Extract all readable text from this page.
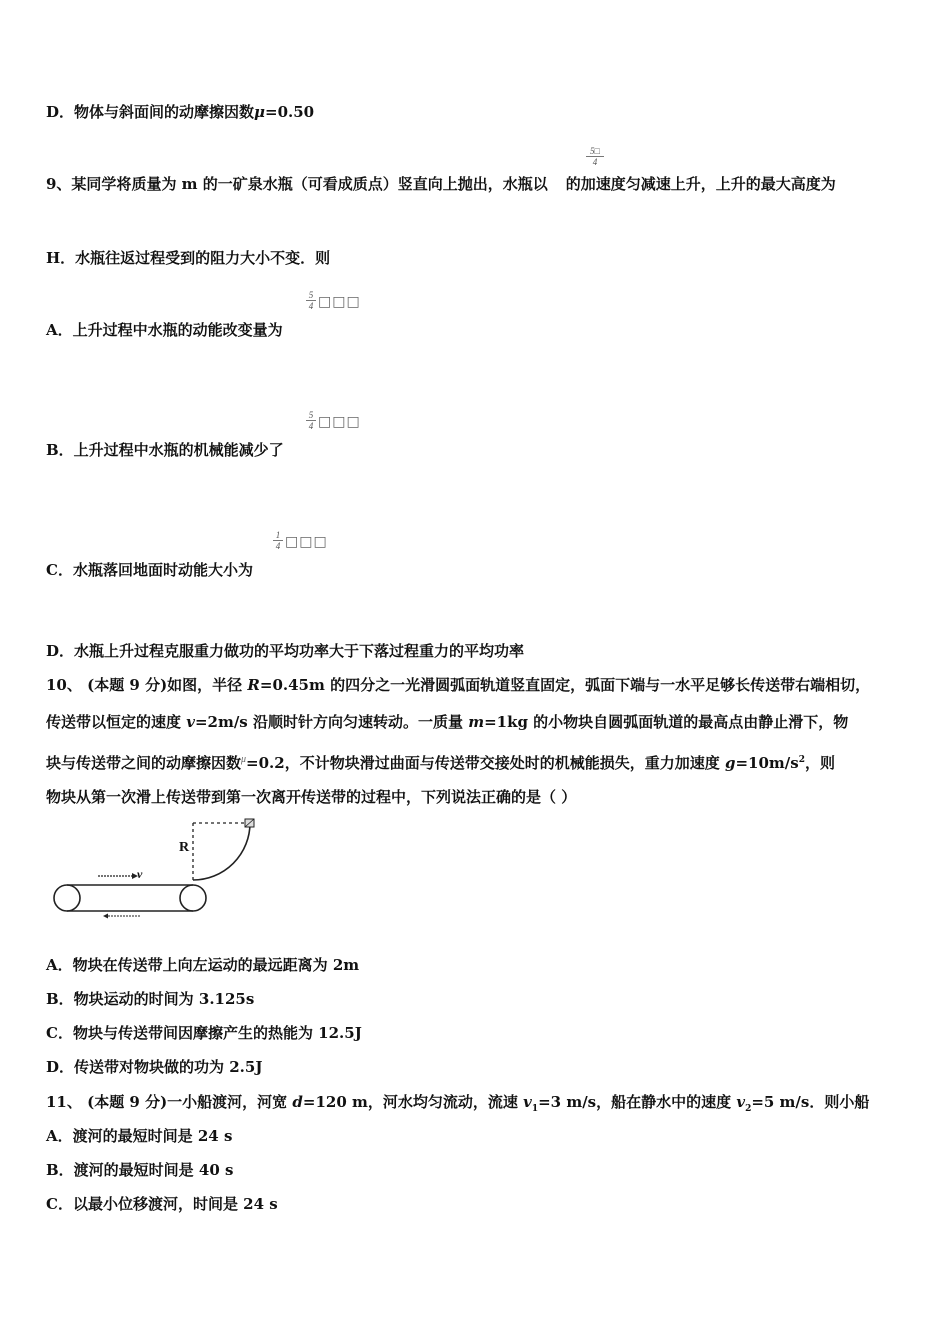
D．物体与斜面间的动摩擦因数μ=0.50
$\frac{5□}{4}$
9、某同学将质量为 m 的一矿泉水瓶（可看成质点）竖直向上抛出，水瓶以 的加速度匀减速上升，上升的最大高度为
H．水瓶往返过程受到的阻力大小不变．则
$\frac{5}{4}$ □□□
A．上升过程中水瓶的动能改变量为
$\frac{5}{4}$ □□□
B．上升过程中水瓶的机械能减少了
$\frac{1}{4}$ □□□
C．水瓶落回地面时动能大小为
D．水瓶上升过程克服重力做功的平均功率大于下落过程重力的平均功率
10、 (本题 9 分)如图，半径 R=0.45m 的四分之一光滑圆弧面轨道竖直固定，弧面下端与一水平足够长传送带右端相切，
传送带以恒定的速度 v=2m/s 沿顺时针方向匀速转动。一质量 m=1kg 的小物块自圆弧面轨道的最高点由静止滑下，物
块与传送带之间的动摩擦因数$^\mu$=0.2，不计物块滑过曲面与传送带交接处时的机械能损失，重力加速度 $g=10m/s^2$，则
物块从第一次滑上传送带到第一次离开传送带的过程中，下列说法正确的是（ ）
R
v
A．物块在传送带上向左运动的最远距离为 2m
B．物块运动的时间为 3.125s
C．物块与传送带间因摩擦产生的热能为 12.5J
D．传送带对物块做的功为 2.5J
11、 (本题 9 分)一小船渡河，河宽 d=120 m，河水均匀流动，流速 $v_1=3$ m/s，船在静水中的速度 $v_2=5$ m/s．则小船
A．渡河的最短时间是 24 s
B．渡河的最短时间是 40 s
C．以最小位移渡河，时间是 24 s
